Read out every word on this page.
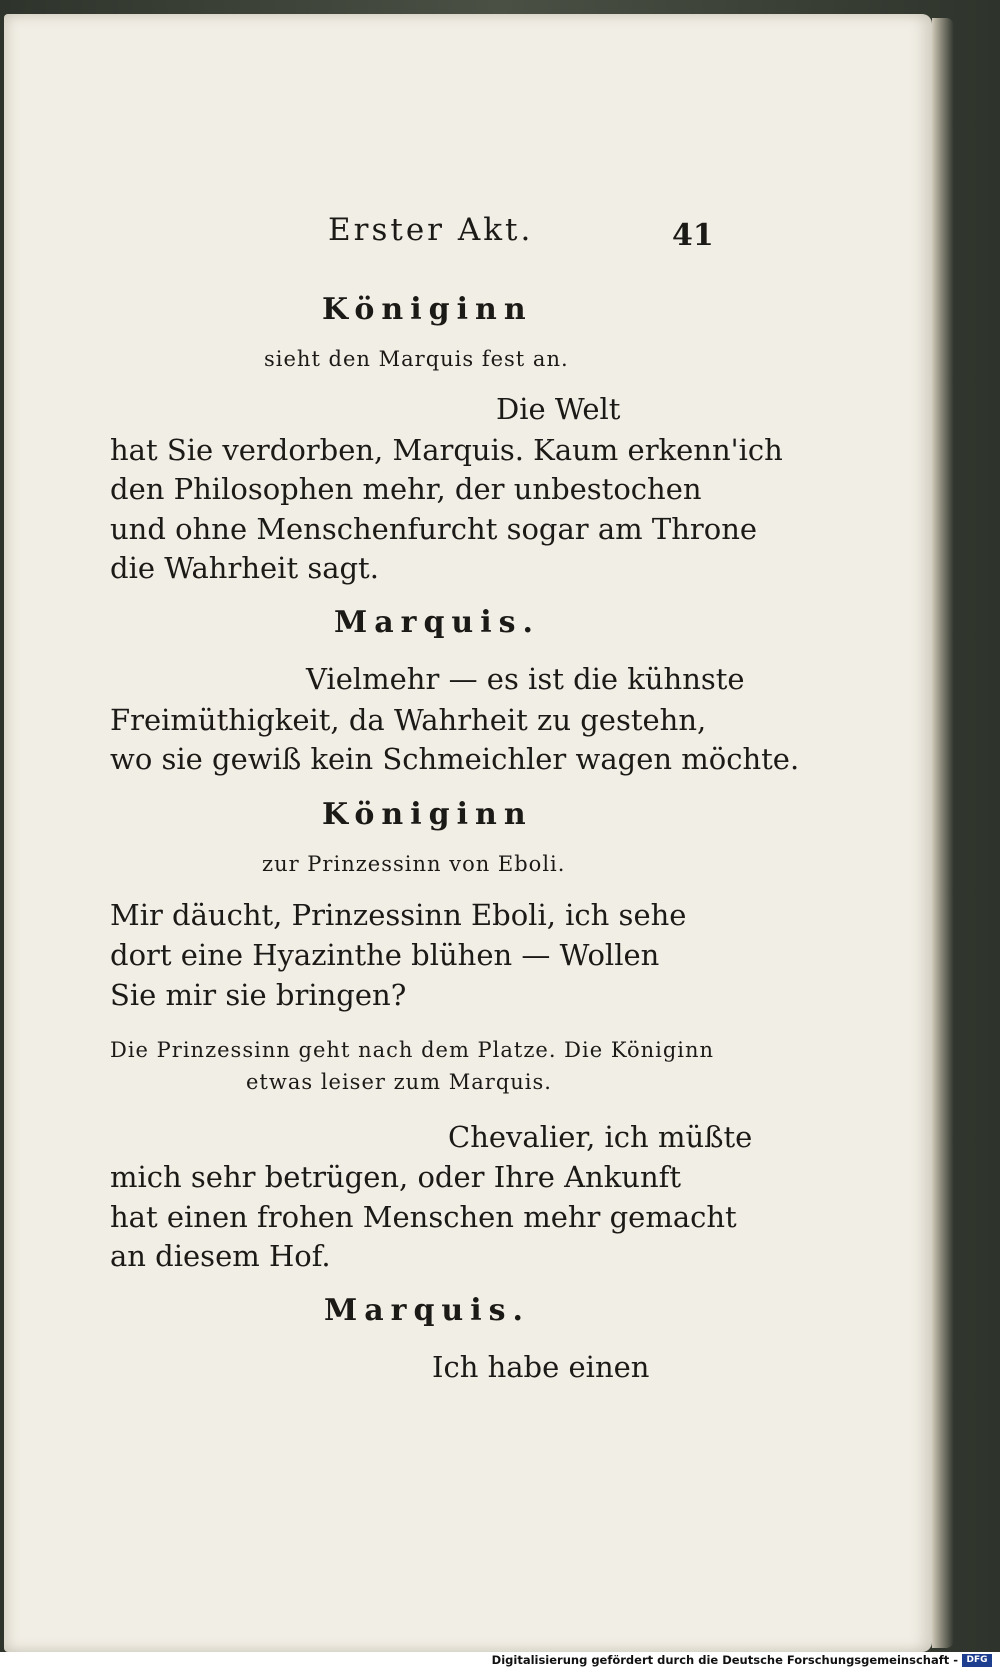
Erster Akt.	41

Königinn

sieht den Marquis fest an.

Die Welt

hat Sie verdorben, Marquis. Kaum erkenn'ich

den Philosophen mehr, der unbestochen

und ohne Menschenfurcht sogar am Throne

die Wahrheit sagt.

Marquis.

Vielmehr — es ist die kühnste

Freimüthigkeit, da Wahrheit zu gestehn,

wo sie gewiß kein Schmeichler wagen möchte.

Königinn

zur Prinzessinn von Eboli.

Mir däucht, Prinzessinn Eboli, ich sehe

dort eine Hyazinthe blühen — Wollen

Sie mir sie bringen?

Die Prinzessinn geht nach dem Platze. Die Königinn

etwas leiser zum Marquis.

Chevalier, ich müßte

mich sehr betrügen, oder Ihre Ankunft

hat einen frohen Menschen mehr gemacht

an diesem Hof.

Marquis.

Ich habe einen

Digitalisierung gefördert durch die Deutsche Forschungsgemeinschaft - DFG
